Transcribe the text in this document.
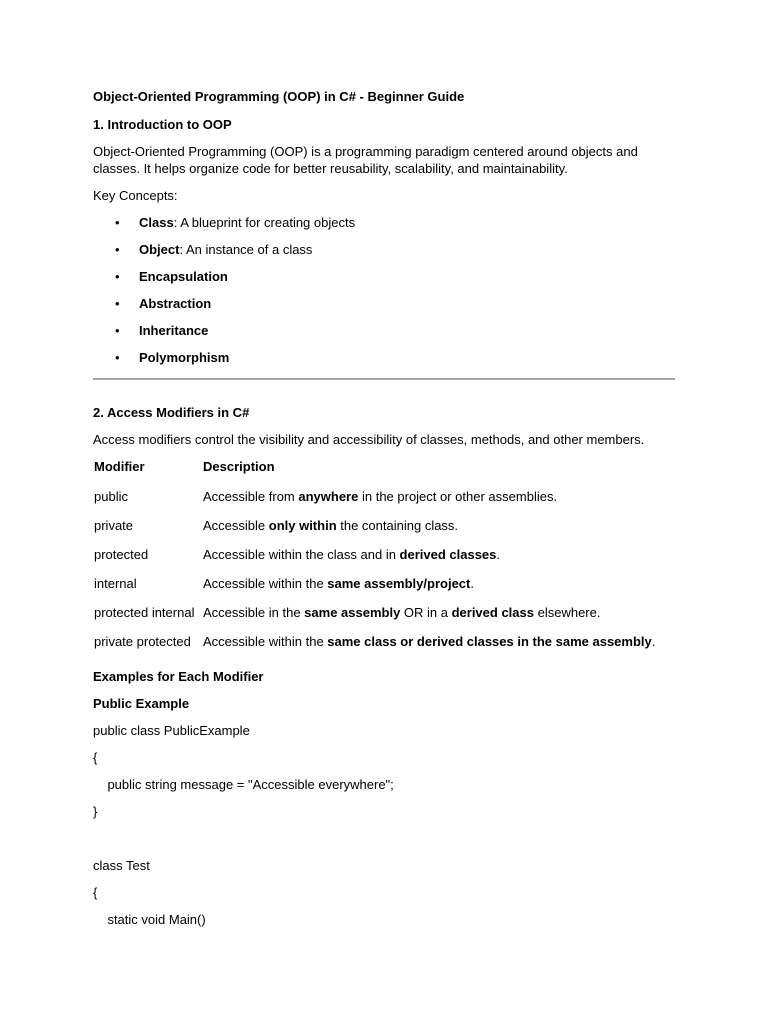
Object-Oriented Programming (OOP) in C# - Beginner Guide

1. Introduction to OOP

Object-Oriented Programming (OOP) is a programming paradigm centered around objects and classes. It helps organize code for better reusability, scalability, and maintainability.

Key Concepts:

• Class: A blueprint for creating objects
• Object: An instance of a class
• Encapsulation
• Abstraction
• Inheritance
• Polymorphism

2. Access Modifiers in C#

Access modifiers control the visibility and accessibility of classes, methods, and other members.

Modifier	Description
public	Accessible from anywhere in the project or other assemblies.
private	Accessible only within the containing class.
protected	Accessible within the class and in derived classes.
internal	Accessible within the same assembly/project.
protected internal	Accessible in the same assembly OR in a derived class elsewhere.
private protected	Accessible within the same class or derived classes in the same assembly.

Examples for Each Modifier

Public Example

public class PublicExample

{

public string message = "Accessible everywhere";

}

class Test

{

static void Main()
